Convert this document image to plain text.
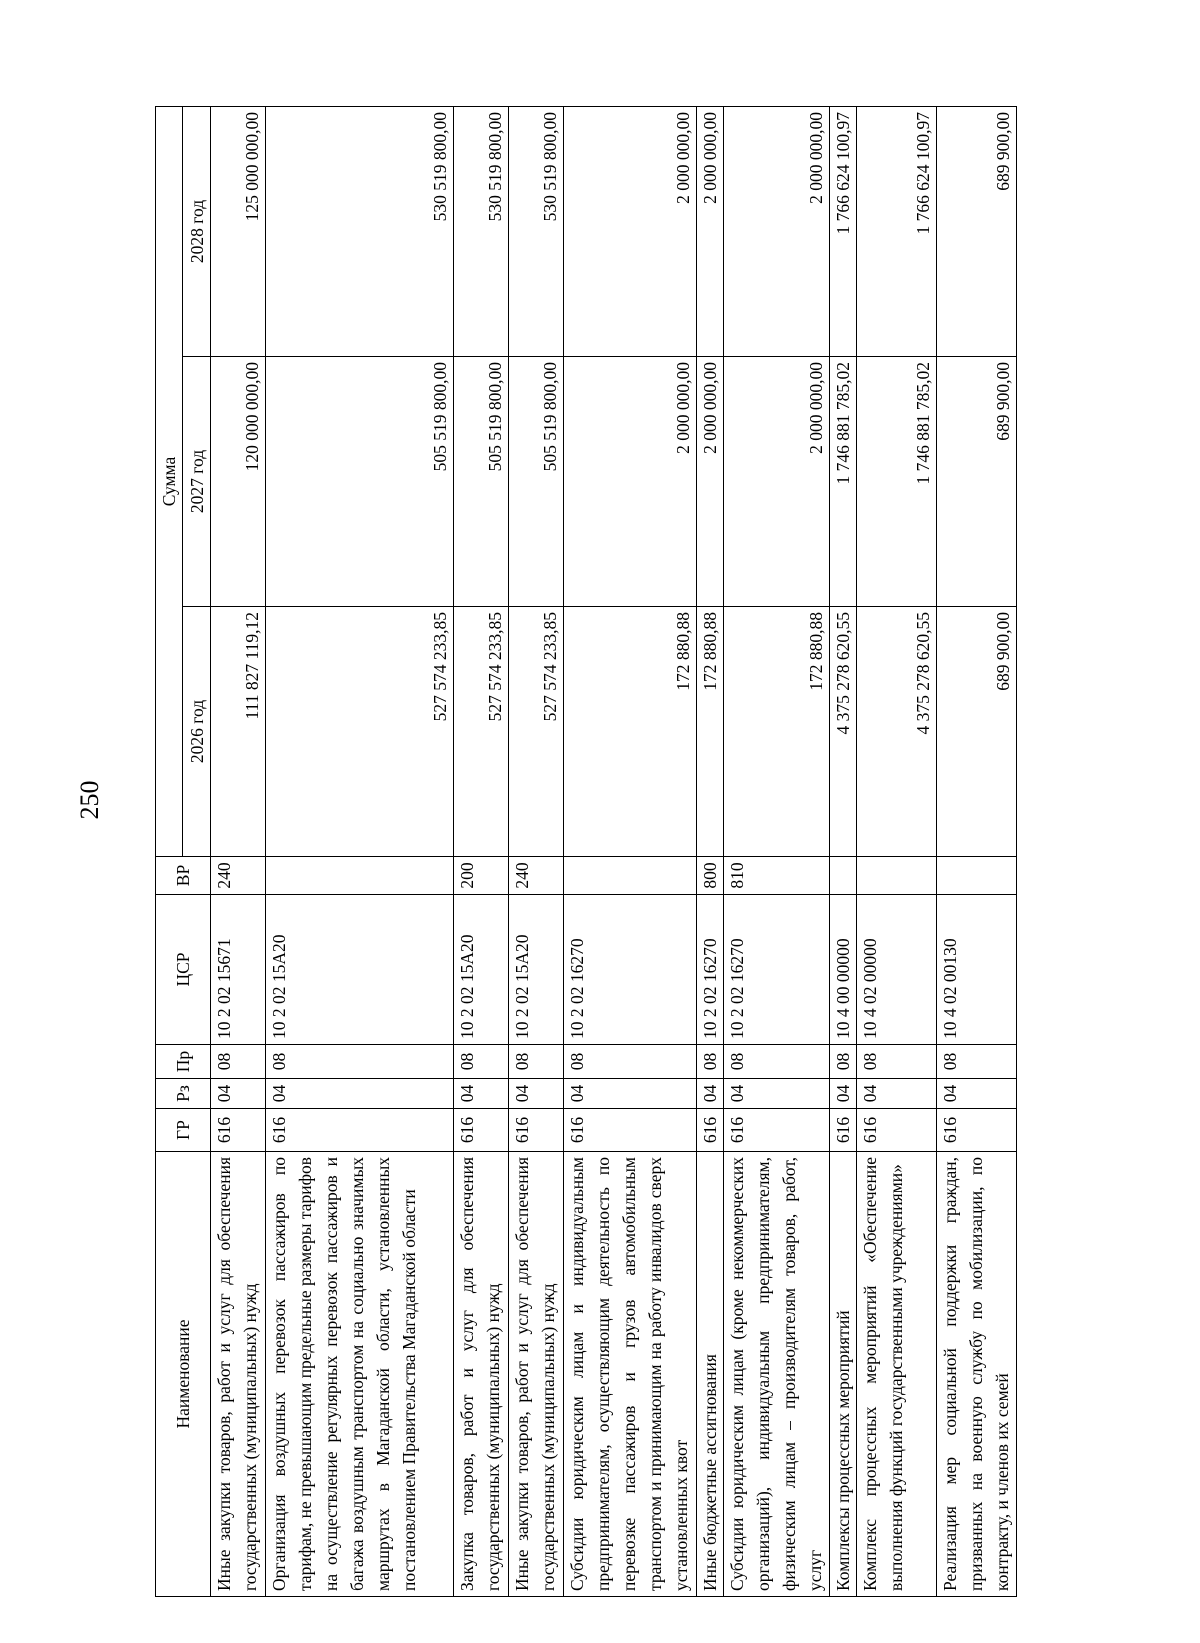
250
Наименование	ГР	Рз	Пр	ЦСР	ВР	Сумма		
						2026 год	2027 год	2028 год
Иные закупки товаров, работ и услуг для обеспечения государственных (муниципальных) нужд	616	04	08	10 2 02 15671	240	111 827 119,12	120 000 000,00	125 000 000,00
Организация воздушных перевозок пассажиров по тарифам, не превышающим предельные размеры тарифов на осуществление регулярных перевозок пассажиров и багажа воздушным транспортом на социально значимых маршрутах в Магаданской области, установленных постановлением Правительства Магаданской области	616	04	08	10 2 02 15А20		527 574 233,85	505 519 800,00	530 519 800,00
Закупка товаров, работ и услуг для обеспечения государственных (муниципальных) нужд	616	04	08	10 2 02 15А20	200	527 574 233,85	505 519 800,00	530 519 800,00
Иные закупки товаров, работ и услуг для обеспечения государственных (муниципальных) нужд	616	04	08	10 2 02 15А20	240	527 574 233,85	505 519 800,00	530 519 800,00
Субсидии юридическим лицам и индивидуальным предпринимателям, осуществляющим деятельность по перевозке пассажиров и грузов автомобильным транспортом и принимающим на работу инвалидов сверх установленных квот	616	04	08	10 2 02 16270		172 880,88	2 000 000,00	2 000 000,00
Иные бюджетные ассигнования	616	04	08	10 2 02 16270	800	172 880,88	2 000 000,00	2 000 000,00
Субсидии юридическим лицам (кроме некоммерческих организаций), индивидуальным предпринимателям, физическим лицам – производителям товаров, работ, услуг	616	04	08	10 2 02 16270	810	172 880,88	2 000 000,00	2 000 000,00
Комплексы процессных мероприятий	616	04	08	10 4 00 00000		4 375 278 620,55	1 746 881 785,02	1 766 624 100,97
Комплекс процессных мероприятий «Обеспечение выполнения функций государственными учреждениями»	616	04	08	10 4 02 00000		4 375 278 620,55	1 746 881 785,02	1 766 624 100,97
Реализация мер социальной поддержки граждан, призванных на военную службу по мобилизации, по контракту, и членов их семей	616	04	08	10 4 02 00130		689 900,00	689 900,00	689 900,00
